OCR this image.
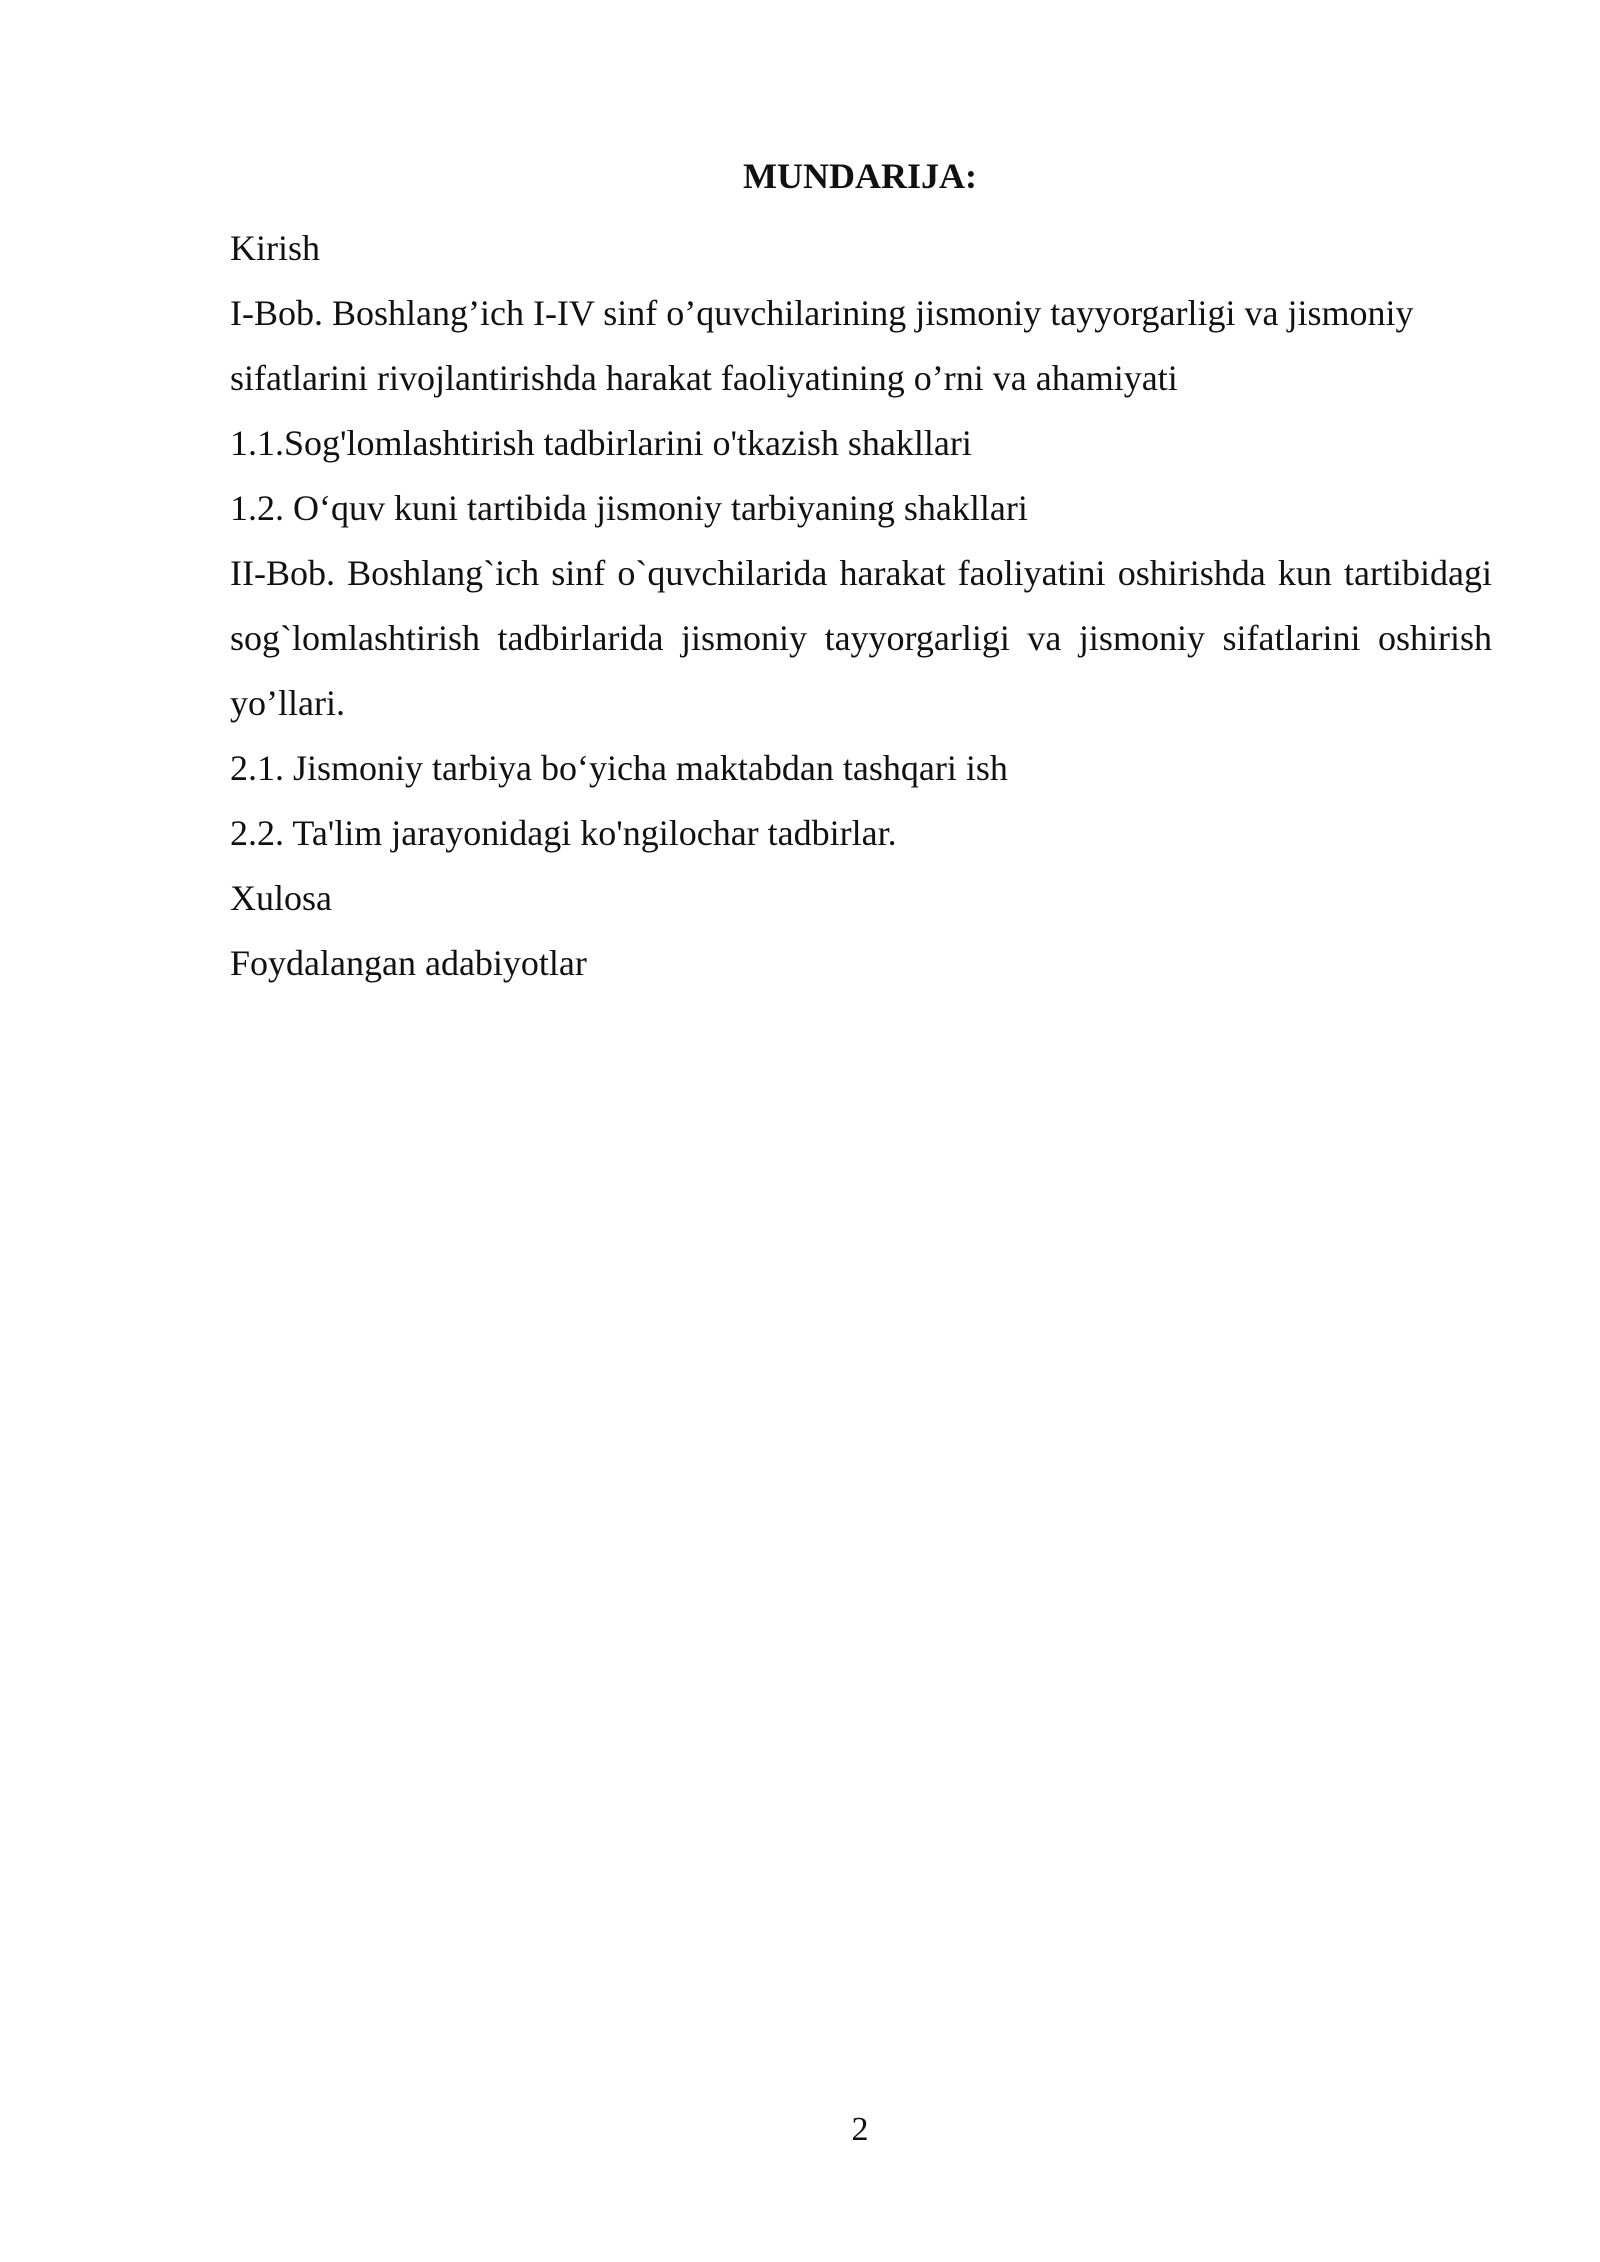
MUNDARIJA:

Kirish

I-Bob. Boshlang’ich I-IV sinf o’quvchilarining jismoniy tayyorgarligi va jismoniy sifatlarini rivojlantirishda harakat faoliyatining o’rni va ahamiyati

1.1.Sog'lomlashtirish tadbirlarini o'tkazish shakllari

1.2. O‘quv kuni tartibida jismoniy tarbiyaning shakllari

II-Bob. Boshlang`ich sinf o`quvchilarida harakat faoliyatini oshirishda kun tartibidagi sog`lomlashtirish tadbirlarida jismoniy tayyorgarligi va jismoniy sifatlarini oshirish yo’llari.

2.1. Jismoniy tarbiya bo‘yicha maktabdan tashqari ish

2.2. Ta'lim jarayonidagi ko'ngilochar tadbirlar.

Xulosa

Foydalangan adabiyotlar

2
